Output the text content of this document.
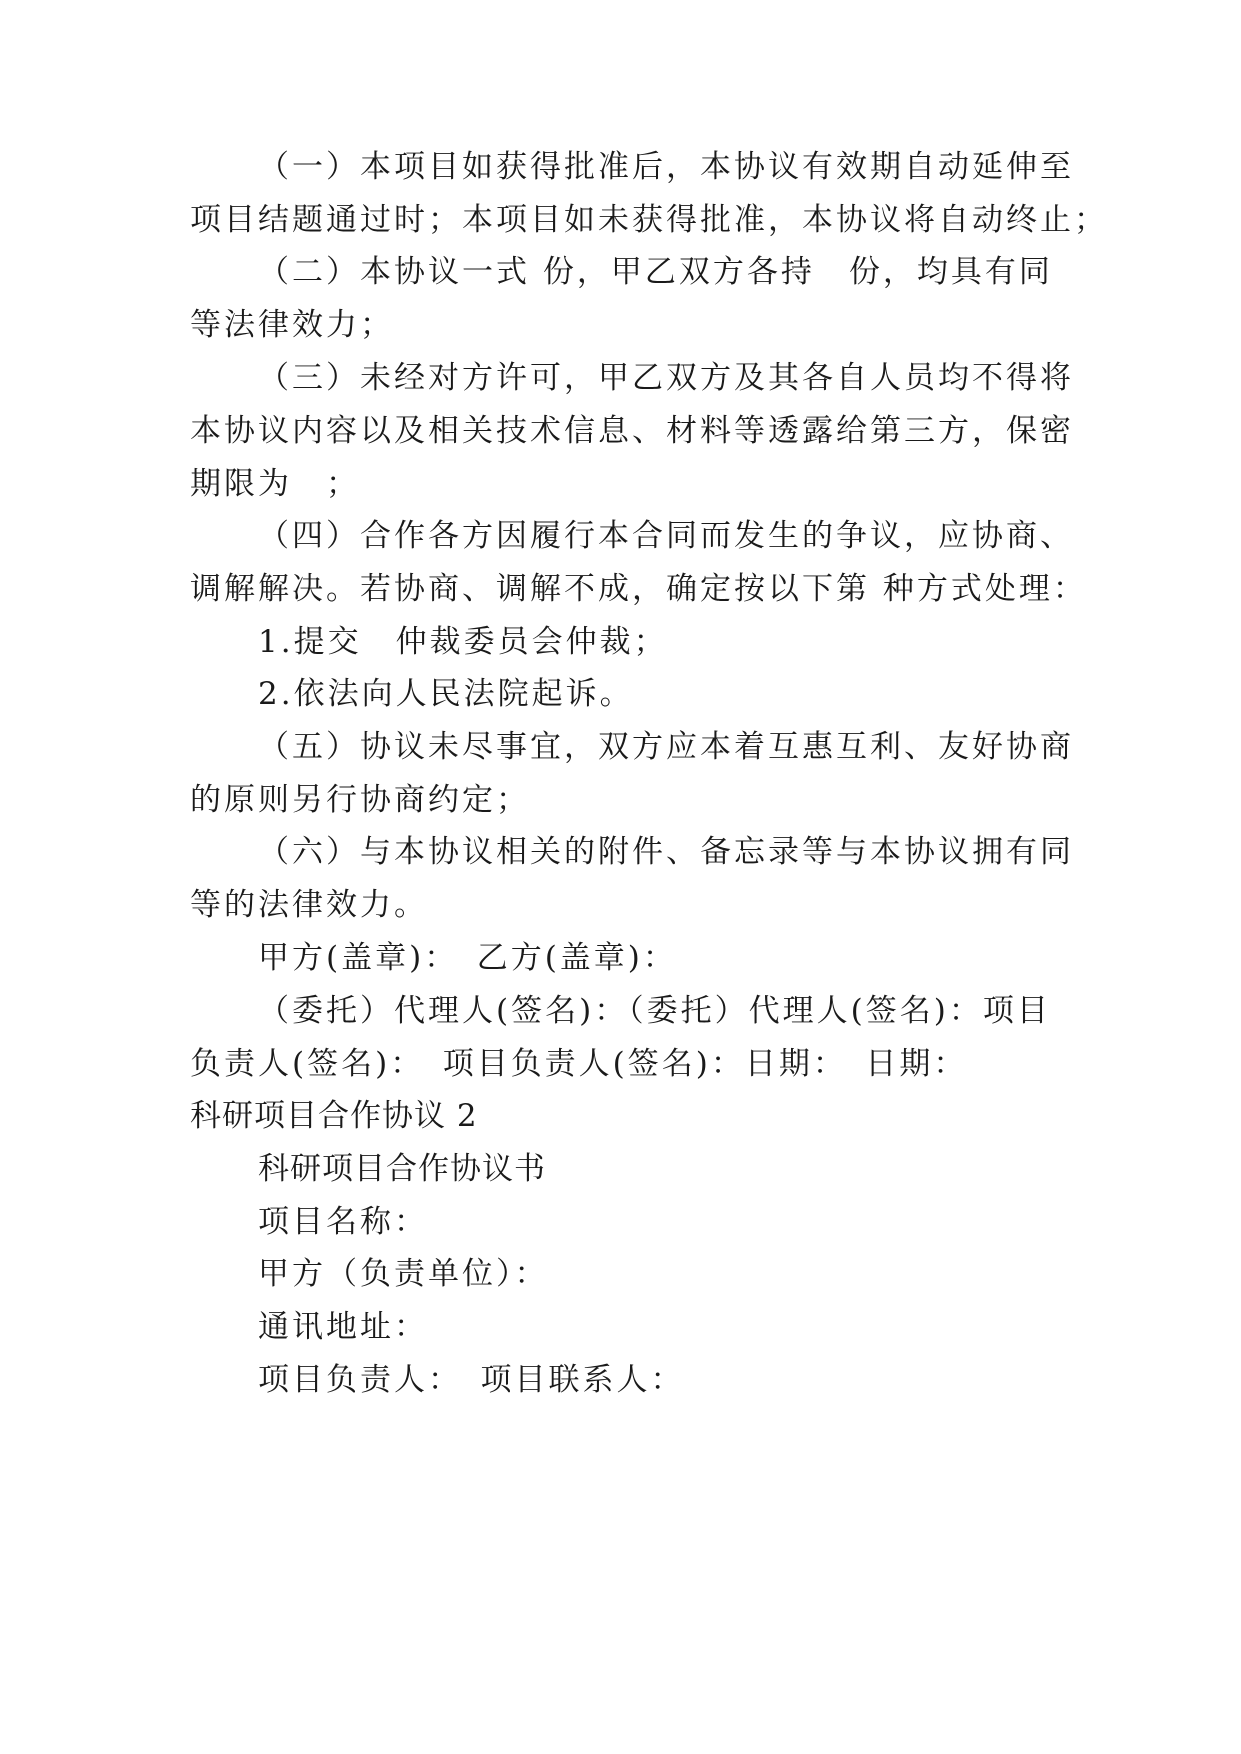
（一）本项目如获得批准后，本协议有效期自动延伸至
项目结题通过时；本项目如未获得批准，本协议将自动终止；
（二）本协议一式 份，甲乙双方各持　份，均具有同
等法律效力；
（三）未经对方许可，甲乙双方及其各自人员均不得将
本协议内容以及相关技术信息、材料等透露给第三方，保密
期限为　；
（四）合作各方因履行本合同而发生的争议，应协商、
调解解决。若协商、调解不成，确定按以下第 种方式处理：
1.提交　仲裁委员会仲裁；
2.依法向人民法院起诉。
（五）协议未尽事宜，双方应本着互惠互利、友好协商
的原则另行协商约定；
（六）与本协议相关的附件、备忘录等与本协议拥有同
等的法律效力。
甲方(盖章)：　乙方(盖章)：
（委托）代理人(签名)：（委托）代理人(签名)：项目
负责人(签名)：　项目负责人(签名)：日期：　日期：
科研项目合作协议 2
科研项目合作协议书
项目名称：
甲方（负责单位）：
通讯地址：
项目负责人：　项目联系人：
